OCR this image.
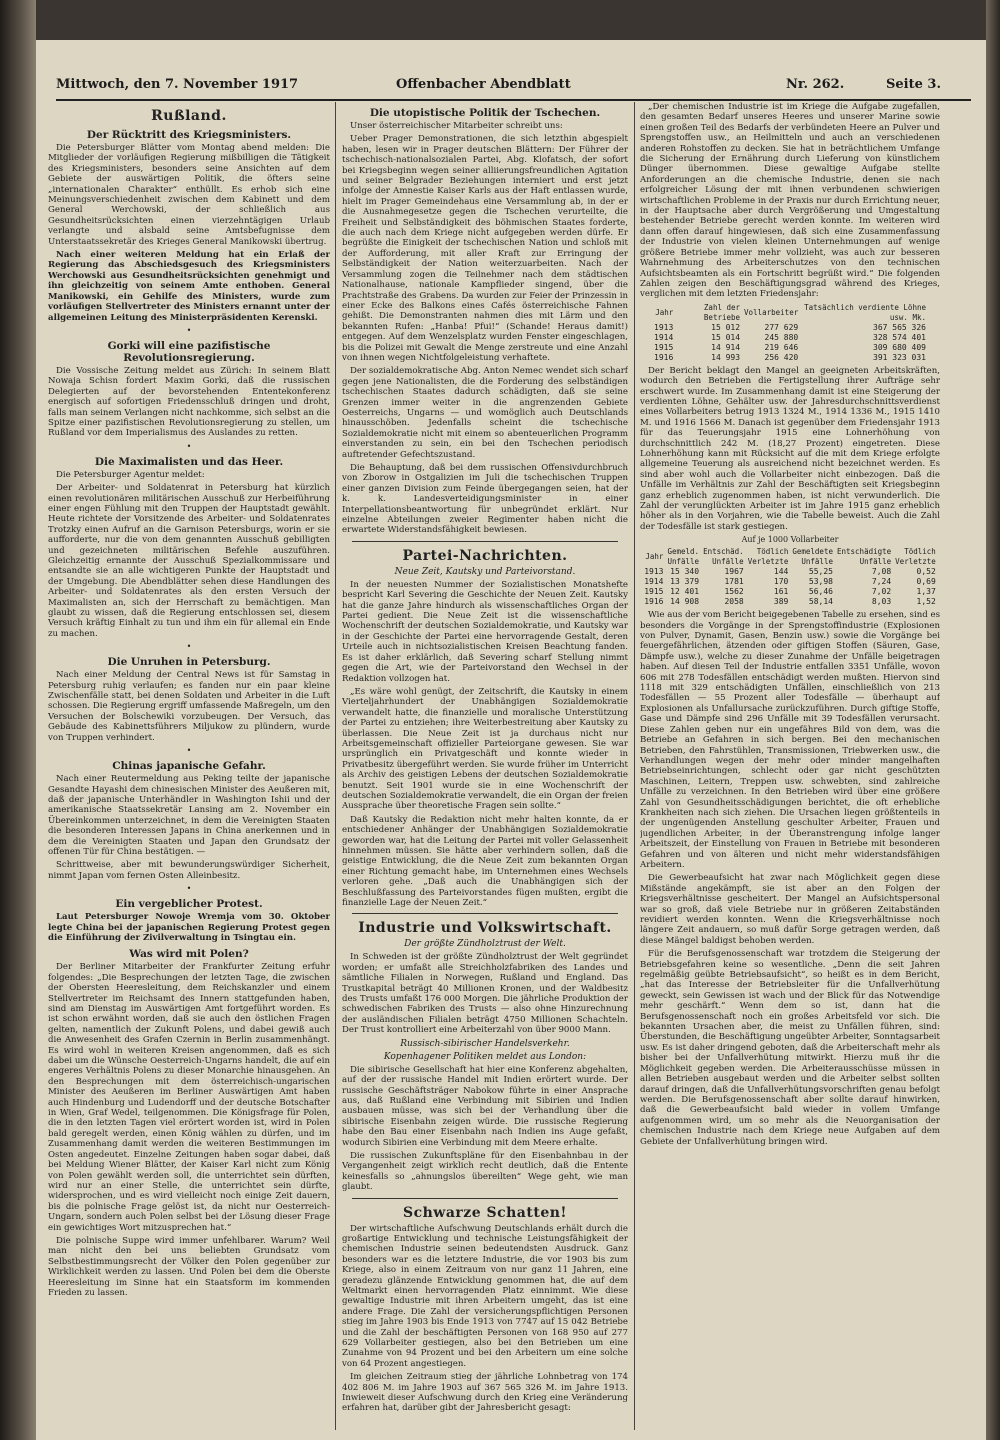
Mittwoch, den 7. November 1917	Offenbacher Abendblatt	Nr. 262.	Seite 3.
Rußland.
Der Rücktritt des Kriegsministers.

Die Petersburger Blätter vom Montag abend melden: Die Mitglieder der vorläufigen Regierung mißbilligen die Tätigkeit des Kriegsministers, besonders seine Ansichten auf dem Gebiete der auswärtigen Politik, die öfters seine „internationalen Charakter“ enthüllt. Es erhob sich eine Meinungsverschiedenheit zwischen dem Kabinett und dem General Werchowski, der schließlich aus Gesundheitsrücksichten einen vierzehntägigen Urlaub verlangte und alsbald seine Amtsbefugnisse dem Unterstaatssekretär des Krieges General Manikowski übertrug.

Nach einer weiteren Meldung hat ein Erlaß der Regierung das Abschiedsgesuch des Kriegsministers Werchowski aus Gesundheitsrücksichten genehmigt und ihn gleichzeitig von seinem Amte enthoben. General Manikowski, ein Gehilfe des Ministers, wurde zum vorläufigen Stellvertreter des Ministers ernannt unter der allgemeinen Leitung des Ministerpräsidenten Kerenski.

•
Gorki will eine pazifistische Revolutionsregierung.

Die Vossische Zeitung meldet aus Zürich: In seinem Blatt Nowaja Schisn fordert Maxim Gorki, daß die russischen Delegierten auf der bevorstehenden Ententekonferenz energisch auf sofortigen Friedensschluß dringen und droht, falls man seinem Verlangen nicht nachkomme, sich selbst an die Spitze einer pazifistischen Revolutionsregierung zu stellen, um Rußland vor dem Imperialismus des Auslandes zu retten.

•
Die Maximalisten und das Heer.

Die Petersburger Agentur meldet:

Der Arbeiter- und Soldatenrat in Petersburg hat kürzlich einen revolutionären militärischen Ausschuß zur Herbeiführung einer engen Fühlung mit den Truppen der Hauptstadt gewählt. Heute richtete der Vorsitzende des Arbeiter- und Soldatenrates Trotzky einen Aufruf an die Garnison Petersburgs, worin er sie aufforderte, nur die von dem genannten Ausschuß gebilligten und gezeichneten militärischen Befehle auszuführen. Gleichzeitig ernannte der Ausschuß Spezialkommissare und entsandte sie an alle wichtigeren Punkte der Hauptstadt und der Umgebung. Die Abendblätter sehen diese Handlungen des Arbeiter- und Soldatenrates als den ersten Versuch der Maximalisten an, sich der Herrschaft zu bemächtigen. Man glaubt zu wissen, daß die Regierung entschlossen sei, diesem Versuch kräftig Einhalt zu tun und ihm ein für allemal ein Ende zu machen.

•
Die Unruhen in Petersburg.

Nach einer Meldung der Central News ist für Samstag in Petersburg ruhig verlaufen; es fanden nur ein paar kleine Zwischenfälle statt, bei denen Soldaten und Arbeiter in die Luft schossen. Die Regierung ergriff umfassende Maßregeln, um den Versuchen der Bolschewiki vorzubeugen. Der Versuch, das Gebäude des Kabinettsführers Miljukow zu plündern, wurde von Truppen verhindert.

•
Chinas japanische Gefahr.

Nach einer Reutermeldung aus Peking teilte der japanische Gesandte Hayashi dem chinesischen Minister des Aeußeren mit, daß der japanische Unterhändler in Washington Ishii und der amerikanische Staatssekretär Lansing am 2. November ein Übereinkommen unterzeichnet, in dem die Vereinigten Staaten die besonderen Interessen Japans in China anerkennen und in dem die Vereinigten Staaten und Japan den Grundsatz der offenen Tür für China bestätigen. —

Schrittweise, aber mit bewunderungswürdiger Sicherheit, nimmt Japan vom fernen Osten Alleinbesitz.

•
Ein vergeblicher Protest.

Laut Petersburger Nowoje Wremja vom 30. Oktober legte China bei der japanischen Regierung Protest gegen die Einführung der Zivilverwaltung in Tsingtau ein.

Was wird mit Polen?

Der Berliner Mitarbeiter der Frankfurter Zeitung erfuhr folgendes: „Die Besprechungen der letzten Tage, die zwischen der Obersten Heeresleitung, dem Reichskanzler und einem Stellvertreter im Reichsamt des Innern stattgefunden haben, sind am Dienstag im Auswärtigen Amt fortgeführt worden. Es ist schon erwähnt worden, daß sie auch den östlichen Fragen gelten, namentlich der Zukunft Polens, und dabei gewiß auch die Anwesenheit des Grafen Czernin in Berlin zusammenhängt. Es wird wohl in weiteren Kreisen angenommen, daß es sich dabei um die Wünsche Oesterreich-Ungarns handelt, die auf ein engeres Verhältnis Polens zu dieser Monarchie hinausgehen. An den Besprechungen mit dem österreichisch-ungarischen Minister des Aeußeren im Berliner Auswärtigen Amt haben auch Hindenburg und Ludendorff und der deutsche Botschafter in Wien, Graf Wedel, teilgenommen. Die Königsfrage für Polen, die in den letzten Tagen viel erörtert worden ist, wird in Polen bald geregelt werden, einen König wählen zu dürfen, und im Zusammenhang damit werden die weiteren Bestimmungen im Osten angedeutet. Einzelne Zeitungen haben sogar dabei, daß bei Meldung Wiener Blätter, der Kaiser Karl nicht zum König von Polen gewählt werden soll, die unterrichtet sein dürften, wird nur an einer Stelle, die unterrichtet sein dürfte, widersprochen, und es wird vielleicht noch einige Zeit dauern, bis die polnische Frage gelöst ist, da nicht nur Oesterreich-Ungarn, sondern auch Polen selbst bei der Lösung dieser Frage ein gewichtiges Wort mitzusprechen hat.“

Die polnische Suppe wird immer unfehlbarer. Warum? Weil man nicht den bei uns beliebten Grundsatz vom Selbstbestimmungsrecht der Völker den Polen gegenüber zur Wirklichkeit werden zu lassen. Und Polen bei dem die Oberste Heeresleitung im Sinne hat ein Staatsform im kommenden Frieden zu lassen.

Die utopistische Politik der Tschechen.

Unser österreichischer Mitarbeiter schreibt uns:

Ueber Prager Demonstrationen, die sich letzthin abgespielt haben, lesen wir in Prager deutschen Blättern: Der Führer der tschechisch-nationalsozialen Partei, Abg. Klofatsch, der sofort bei Kriegsbeginn wegen seiner alliierungsfreundlichen Agitation und seiner Belgrader Beziehungen interniert und erst jetzt infolge der Amnestie Kaiser Karls aus der Haft entlassen wurde, hielt im Prager Gemeindehaus eine Versammlung ab, in der er die Ausnahmegesetze gegen die Tschechen verurteilte, die Freiheit und Selbständigkeit des böhmischen Staates forderte, die auch nach dem Kriege nicht aufgegeben werden dürfe. Er begrüßte die Einigkeit der tschechischen Nation und schloß mit der Aufforderung, mit aller Kraft zur Erringung der Selbständigkeit der Nation weiterzuarbeiten. Nach der Versammlung zogen die Teilnehmer nach dem städtischen Nationalhause, nationale Kampflieder singend, über die Prachtstraße des Grabens. Da wurden zur Feier der Prinzessin in einer Ecke des Balkons eines Cafés österreichische Fahnen gehißt. Die Demonstranten nahmen dies mit Lärm und den bekannten Rufen: „Hanba! Pfui!“ (Schande! Heraus damit!) entgegen. Auf dem Wenzelsplatz wurden Fenster eingeschlagen, bis die Polizei mit Gewalt die Menge zerstreute und eine Anzahl von ihnen wegen Nichtfolgeleistung verhaftete.

Der sozialdemokratische Abg. Anton Nemec wendet sich scharf gegen jene Nationalisten, die die Forderung des selbständigen tschechischen Staates dadurch schädigten, daß sie seine Grenzen immer weiter in die angrenzenden Gebiete Oesterreichs, Ungarns — und womöglich auch Deutschlands hinausschöben. Jedenfalls scheint die tschechische Sozialdemokratie nicht mit einem so abenteuerlichen Programm einverstanden zu sein, ein bei den Tschechen periodisch auftretender Gefechtszustand.

Die Behauptung, daß bei dem russischen Offensivdurchbruch von Zborow in Ostgalizien im Juli die tschechischen Truppen einer ganzen Division zum Feinde übergegangen seien, hat der k. k. Landesverteidigungsminister in einer Interpellationsbeantwortung für unbegründet erklärt. Nur einzelne Abteilungen zweier Regimenter haben nicht die erwartete Widerstandsfähigkeit bewiesen.

Partei-Nachrichten.
Neue Zeit, Kautsky und Parteivorstand.

In der neuesten Nummer der Sozialistischen Monatshefte bespricht Karl Severing die Geschichte der Neuen Zeit. Kautsky hat die ganze Jahre hindurch als wissenschaftliches Organ der Partei gedient. Die Neue Zeit ist die wissenschaftliche Wochenschrift der deutschen Sozialdemokratie, und Kautsky war in der Geschichte der Partei eine hervorragende Gestalt, deren Urteile auch in nichtsozialistischen Kreisen Beachtung fanden. Es ist daher erklärlich, daß Severing scharf Stellung nimmt gegen die Art, wie der Parteivorstand den Wechsel in der Redaktion vollzogen hat.

„Es wäre wohl genügt, der Zeitschrift, die Kautsky in einem Vierteljahrhundert der Unabhängigen Sozialdemokratie verwandelt hatte, die finanzielle und moralische Unterstützung der Partei zu entziehen; ihre Weiterbestreitung aber Kautsky zu überlassen. Die Neue Zeit ist ja durchaus nicht nur Arbeitsgemeinschaft offizieller Parteiorgane gewesen. Sie war ursprünglich ein Privatgeschäft und konnte wieder in Privatbesitz übergeführt werden. Sie wurde früher im Unterricht als Archiv des geistigen Lebens der deutschen Sozialdemokratie benutzt. Seit 1901 wurde sie in eine Wochenschrift der deutschen Sozialdemokratie verwandelt, die ein Organ der freien Aussprache über theoretische Fragen sein sollte.“

Daß Kautsky die Redaktion nicht mehr halten konnte, da er entschiedener Anhänger der Unabhängigen Sozialdemokratie geworden war, hat die Leitung der Partei mit voller Gelassenheit hinnehmen müssen. Sie hätte aber verhindern sollen, daß die geistige Entwicklung, die die Neue Zeit zum bekannten Organ einer Richtung gemacht habe, im Unternehmen eines Wechsels verloren gehe. „Daß auch die Unabhängigen sich der Beschlußfassung des Parteivorstandes fügen mußten, ergibt die finanzielle Lage der Neuen Zeit.“

Industrie und Volkswirtschaft.
Der größte Zündholztrust der Welt.

In Schweden ist der größte Zündholztrust der Welt gegründet worden; er umfaßt alle Streichholzfabriken des Landes und sämtliche Filialen in Norwegen, Rußland und England. Das Trustkapital beträgt 40 Millionen Kronen, und der Waldbesitz des Trusts umfaßt 176 000 Morgen. Die jährliche Produktion der schwedischen Fabriken des Trusts — also ohne Hinzurechnung der ausländischen Filialen beträgt 4750 Millionen Schachteln. Der Trust kontrolliert eine Arbeiterzahl von über 9000 Mann.

Russisch-sibirischer Handelsverkehr.
Kopenhagener Politiken meldet aus London:

Die sibirische Gesellschaft hat hier eine Konferenz abgehalten, auf der der russische Handel mit Indien erörtert wurde. Der russische Geschäftsträger Nabokow führte in einer Ansprache aus, daß Rußland eine Verbindung mit Sibirien und Indien ausbauen müsse, was sich bei der Verhandlung über die sibirische Eisenbahn zeigen würde. Die russische Regierung habe den Bau einer Eisenbahn nach Indien ins Auge gefaßt, wodurch Sibirien eine Verbindung mit dem Meere erhalte.

Die russischen Zukunftspläne für den Eisenbahnbau in der Vergangenheit zeigt wirklich recht deutlich, daß die Entente keinesfalls so „ahnungslos übereilten“ Wege geht, wie man glaubt.

Schwarze Schatten!

Der wirtschaftliche Aufschwung Deutschlands erhält durch die großartige Entwicklung und technische Leistungsfähigkeit der chemischen Industrie seinen bedeutendsten Ausdruck. Ganz besonders war es die letztere Industrie, die vor 1903 bis zum Kriege, also in einem Zeitraum von nur ganz 11 Jahren, eine geradezu glänzende Entwicklung genommen hat, die auf dem Weltmarkt einen hervorragenden Platz einnimmt. Wie diese gewaltige Industrie mit ihren Arbeitern umgeht, das ist eine andere Frage. Die Zahl der versicherungspflichtigen Personen stieg im Jahre 1903 bis Ende 1913 von 7747 auf 15 042 Betriebe und die Zahl der beschäftigten Personen von 168 950 auf 277 629 Vollarbeiter gestiegen, also bei den Betrieben um eine Zunahme von 94 Prozent und bei den Arbeitern um eine solche von 64 Prozent angestiegen.

Im gleichen Zeitraum stieg der jährliche Lohnbetrag von 174 402 806 M. im Jahre 1903 auf 367 565 326 M. im Jahre 1913. Inwieweit dieser Aufschwung durch den Krieg eine Veränderung erfahren hat, darüber gibt der Jahresbericht gesagt:

„Der chemischen Industrie ist im Kriege die Aufgabe zugefallen, den gesamten Bedarf unseres Heeres und unserer Marine sowie einen großen Teil des Bedarfs der verbündeten Heere an Pulver und Sprengstoffen usw., an Heilmitteln und auch an verschiedenen anderen Rohstoffen zu decken. Sie hat in beträchtlichem Umfange die Sicherung der Ernährung durch Lieferung von künstlichem Dünger übernommen. Diese gewaltige Aufgabe stellte Anforderungen an die chemische Industrie, denen sie nach erfolgreicher Lösung der mit ihnen verbundenen schwierigen wirtschaftlichen Probleme in der Praxis nur durch Errichtung neuer, in der Hauptsache aber durch Vergrößerung und Umgestaltung bestehender Betriebe gerecht werden konnte. Im weiteren wird dann offen darauf hingewiesen, daß sich eine Zusammenfassung der Industrie von vielen kleinen Unternehmungen auf wenige größere Betriebe immer mehr vollzieht, was auch zur besseren Wahrnehmung des Arbeiterschutzes von den technischen Aufsichtsbeamten als ein Fortschritt begrüßt wird.“ Die folgenden Zahlen zeigen den Beschäftigungsgrad während des Krieges, verglichen mit dem letzten Friedensjahr:

Jahr	Zahl der Betriebe	Vollarbeiter	Tatsächlich verdiente Löhne usw. Mk.
1913	15 012	277 629	367 565 326
1914	15 014	245 880	328 574 401
1915	14 914	219 646	309 680 409
1916	14 993	256 420	391 323 031

Der Bericht beklagt den Mangel an geeigneten Arbeitskräften, wodurch den Betrieben die Fertigstellung ihrer Aufträge sehr erschwert wurde. Im Zusammenhang damit ist eine Steigerung der verdienten Löhne, Gehälter usw. der Jahresdurchschnittsverdienst eines Vollarbeiters betrug 1913 1324 M., 1914 1336 M., 1915 1410 M. und 1916 1566 M. Danach ist gegenüber dem Friedensjahr 1913 für das Teuerungsjahr 1915 eine Lohnerhöhung von durchschnittlich 242 M. (18,27 Prozent) eingetreten. Diese Lohnerhöhung kann mit Rücksicht auf die mit dem Kriege erfolgte allgemeine Teuerung als ausreichend nicht bezeichnet werden. Es sind aber wohl auch die Vollarbeiter nicht einbezogen. Daß die Unfälle im Verhältnis zur Zahl der Beschäftigten seit Kriegsbeginn ganz erheblich zugenommen haben, ist nicht verwunderlich. Die Zahl der verunglückten Arbeiter ist im Jahre 1915 ganz erheblich höher als in den Vorjahren, wie die Tabelle beweist. Auch die Zahl der Todesfälle ist stark gestiegen.

Auf je 1000 Vollarbeiter
Jahr	Gemeld. Unfälle	Entschäd. Unfälle	Tödlich Verletzte	Gemeldete Unfälle	Entschädigte Unfälle	Tödlich Verletzte
1913	15 340	1967	144	55,25	7,08	0,52
1914	13 379	1781	170	53,98	7,24	0,69
1915	12 401	1562	161	56,46	7,02	1,37
1916	14 908	2058	389	58,14	8,03	1,52

Wie aus der vom Bericht beigegebenen Tabelle zu ersehen, sind es besonders die Vorgänge in der Sprengstoffindustrie (Explosionen von Pulver, Dynamit, Gasen, Benzin usw.) sowie die Vorgänge bei feuergefährlichen, ätzenden oder giftigen Stoffen (Säuren, Gase, Dämpfe usw.), welche zu dieser Zunahme der Unfälle beigetragen haben. Auf diesen Teil der Industrie entfallen 3351 Unfälle, wovon 606 mit 278 Todesfällen entschädigt werden mußten. Hiervon sind 1118 mit 329 entschädigten Unfällen, einschließlich von 213 Todesfällen — 55 Prozent aller Todesfälle — überhaupt auf Explosionen als Unfallursache zurückzuführen. Durch giftige Stoffe, Gase und Dämpfe sind 296 Unfälle mit 39 Todesfällen verursacht. Diese Zahlen geben nur ein ungefähres Bild von dem, was die Betriebe an Gefahren in sich bergen. Bei den mechanischen Betrieben, den Fahrstühlen, Transmissionen, Triebwerken usw., die Verhandlungen wegen der mehr oder minder mangelhaften Betriebseinrichtungen, schlecht oder gar nicht geschützten Maschinen, Leitern, Treppen usw. schwebten, sind zahlreiche Unfälle zu verzeichnen. In den Betrieben wird über eine größere Zahl von Gesundheitsschädigungen berichtet, die oft erhebliche Krankheiten nach sich ziehen. Die Ursachen liegen größtenteils in der ungenügenden Anstellung geschulter Arbeiter, Frauen und jugendlichen Arbeiter, in der Überanstrengung infolge langer Arbeitszeit, der Einstellung von Frauen in Betriebe mit besonderen Gefahren und von älteren und nicht mehr widerstandsfähigen Arbeitern.

Die Gewerbeaufsicht hat zwar nach Möglichkeit gegen diese Mißstände angekämpft, sie ist aber an den Folgen der Kriegsverhältnisse gescheitert. Der Mangel an Aufsichtspersonal war so groß, daß viele Betriebe nur in größeren Zeitabständen revidiert werden konnten. Wenn die Kriegsverhältnisse noch längere Zeit andauern, so muß dafür Sorge getragen werden, daß diese Mängel baldigst behoben werden.

Für die Berufsgenossenschaft war trotzdem die Steigerung der Betriebsgefahren keine so wesentliche. „Denn die seit Jahren regelmäßig geübte Betriebsaufsicht“, so heißt es in dem Bericht, „hat das Interesse der Betriebsleiter für die Unfallverhütung geweckt, sein Gewissen ist wach und der Blick für das Notwendige mehr geschärft.“ Wenn dem so ist, dann hat die Berufsgenossenschaft noch ein großes Arbeitsfeld vor sich. Die bekannten Ursachen aber, die meist zu Unfällen führen, sind: Überstunden, die Beschäftigung ungeübter Arbeiter, Sonntagsarbeit usw. Es ist daher dringend geboten, daß die Arbeiterschaft mehr als bisher bei der Unfallverhütung mitwirkt. Hierzu muß ihr die Möglichkeit gegeben werden. Die Arbeiterausschüsse müssen in allen Betrieben ausgebaut werden und die Arbeiter selbst sollten darauf dringen, daß die Unfallverhütungsvorschriften genau befolgt werden. Die Berufsgenossenschaft aber sollte darauf hinwirken, daß die Gewerbeaufsicht bald wieder in vollem Umfange aufgenommen wird, um so mehr als die Neuorganisation der chemischen Industrie nach dem Kriege neue Aufgaben auf dem Gebiete der Unfallverhütung bringen wird.
